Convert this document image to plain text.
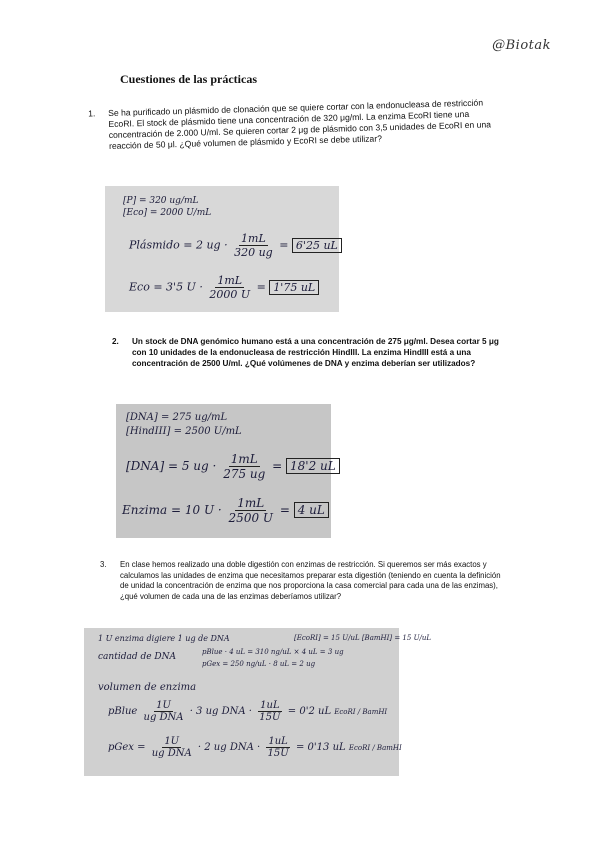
@Biotak
Cuestiones de las prácticas
1. Se ha purificado un plásmido de clonación que se quiere cortar con la endonucleasa de restricción EcoRI. El stock de plásmido tiene una concentración de 320 μg/ml. La enzima EcoRI tiene una concentración de 2.000 U/ml. Se quieren cortar 2 μg de plásmido con 3,5 unidades de EcoRI en una reacción de 50 μl. ¿Qué volumen de plásmido y EcoRI se debe utilizar?
[P] = 320 ug/mL
[Eco] = 2000 U/mL
Plásmido = 2 ug · $\frac{1mL}{320 ug} = 6'25$ uL
Eco = 3'5 $U \cdot \frac{1mL}{2000 U} = 1'75$ uL
2. Un stock de DNA genómico humano está a una concentración de 275 μg/ml. Desea cortar 5 μg con 10 unidades de la endonucleasa de restricción HindIII. La enzima HindIII está a una concentración de 2500 U/ml. ¿Qué volúmenes de DNA y enzima deberían ser utilizados?
[DNA] = 275 ug/mL
[HindIII] = 2500 U/mL
[DNA] = 5 ug · $\frac{1mL}{275 ug} = 18'2$ uL
Enzima = 10 $U \cdot \frac{1mL}{2500 U} = 4$ uL
3. En clase hemos realizado una doble digestión con enzimas de restricción. Si queremos ser más exactos y calculamos las unidades de enzima que necesitamos preparar esta digestión (teniendo en cuenta la definición de unidad la concentración de enzima que nos proporciona la casa comercial para cada una de las enzimas), ¿qué volumen de cada una de las enzimas deberíamos utilizar?
1 U enzima digiere 1 ug de DNA	[EcoRI] = 15 U/uL [BamHI] = 15 U/uL
cantidad de DNA	pBlue · 4 uL = 310 ng/uL × 4 uL = 3 ug
pGex = 250 ng/uL · 8 uL = 2 ug
volumen de enzima
pBlue $\frac{1U}{\text{ug DNA}} \cdot 3$ ug DNA · $\frac{1uL}{15U} = 0'2$ uL EcoRI / BamHI
pGex = $\frac{1U}{\text{ug DNA}} \cdot 2$ ug DNA · $\frac{1uL}{15U} = 0'13$ uL EcoRI / BamHI
